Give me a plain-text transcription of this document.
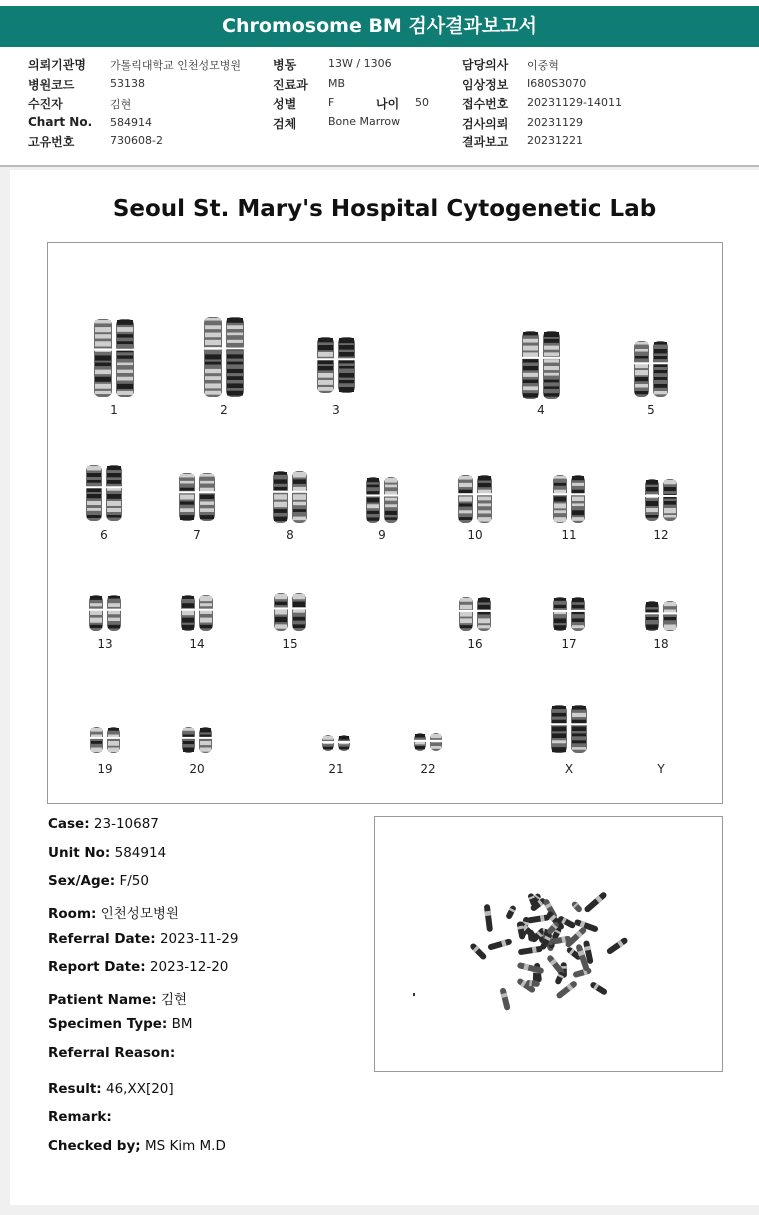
Chromosome BM 검사결과보고서
의뢰기관명 가톨릭대학교 인천성모병원
병원코드	53138
수진자	김현
Chart No. 584914
고유번호	730608-2
병동	13W / 1306
진료과 MB
성별	F	나이 50
검체	Bone Marrow
담당의사 이중혁
임상정보 I680S3070
접수번호 20231129-14011
검사의뢰 20231129
결과보고 20231221
Seoul St. Mary's Hospital Cytogenetic Lab
1	2	3	4	5
6	7	8	9	10	11	12
13	14	15	16	17	18
19	20	21	22	X	Y
Case: 23-10687
Unit No: 584914
Sex/Age: F/50
Room: 인천성모병원
Referral Date: 2023-11-29
Report Date: 2023-12-20
Patient Name: 김현
Specimen Type: BM
Referral Reason:
Result: 46,XX[20]
Remark:
Checked by; MS Kim M.D
